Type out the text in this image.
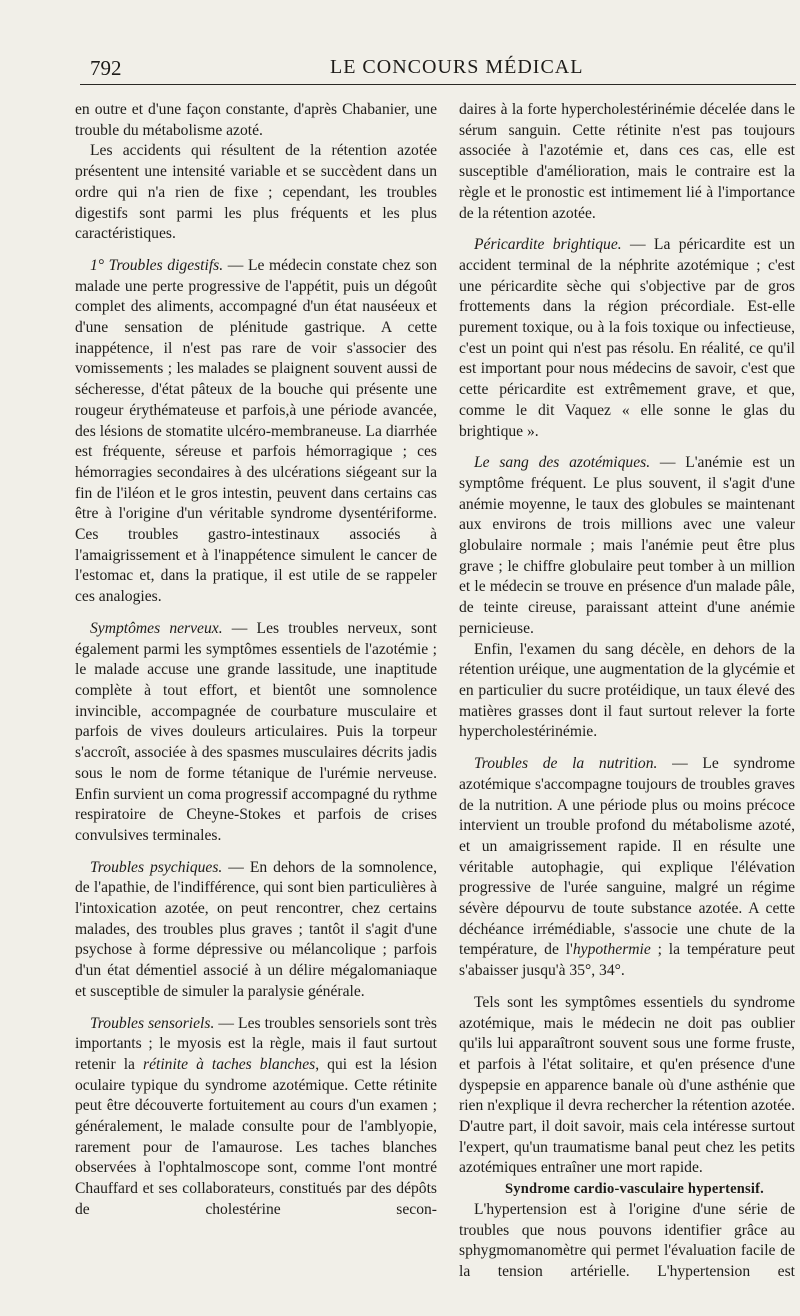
792	LE CONCOURS MÉDICAL

en outre et d'une façon constante, d'après Chabanier, une trouble du métabolisme azoté.

Les accidents qui résultent de la rétention azotée présentent une intensité variable et se succèdent dans un ordre qui n'a rien de fixe ; cependant, les troubles digestifs sont parmi les plus fréquents et les plus caractéristiques.

1° Troubles digestifs. — Le médecin constate chez son malade une perte progressive de l'appétit, puis un dégoût complet des aliments, accompagné d'un état nauséeux et d'une sensation de plénitude gastrique. A cette inappétence, il n'est pas rare de voir s'associer des vomissements ; les malades se plaignent souvent aussi de sécheresse, d'état pâteux de la bouche qui présente une rougeur érythémateuse et parfois,à une période avancée, des lésions de stomatite ulcéro-membraneuse. La diarrhée est fréquente, séreuse et parfois hémorragique ; ces hémorragies secondaires à des ulcérations siégeant sur la fin de l'iléon et le gros intestin, peuvent dans certains cas être à l'origine d'un véritable syndrome dysentériforme. Ces troubles gastro-intestinaux associés à l'amaigrissement et à l'inappétence simulent le cancer de l'estomac et, dans la pratique, il est utile de se rappeler ces analogies.

Symptômes nerveux. — Les troubles nerveux, sont également parmi les symptômes essentiels de l'azotémie ; le malade accuse une grande lassitude, une inaptitude complète à tout effort, et bientôt une somnolence invincible, accompagnée de courbature musculaire et parfois de vives douleurs articulaires. Puis la torpeur s'accroît, associée à des spasmes musculaires décrits jadis sous le nom de forme tétanique de l'urémie nerveuse. Enfin survient un coma progressif accompagné du rythme respiratoire de Cheyne-Stokes et parfois de crises convulsives terminales.

Troubles psychiques. — En dehors de la somnolence, de l'apathie, de l'indifférence, qui sont bien particulières à l'intoxication azotée, on peut rencontrer, chez certains malades, des troubles plus graves ; tantôt il s'agit d'une psychose à forme dépressive ou mélancolique ; parfois d'un état démentiel associé à un délire mégalomaniaque et susceptible de simuler la paralysie générale.

Troubles sensoriels. — Les troubles sensoriels sont très importants ; le myosis est la règle, mais il faut surtout retenir la rétinite à taches blanches, qui est la lésion oculaire typique du syndrome azotémique. Cette rétinite peut être découverte fortuitement au cours d'un examen ; généralement, le malade consulte pour de l'amblyopie, rarement pour de l'amaurose. Les taches blanches observées à l'ophtalmoscope sont, comme l'ont montré Chauffard et ses collaborateurs, constitués par des dépôts de cholestérine secon-

daires à la forte hypercholestérinémie décelée dans le sérum sanguin. Cette rétinite n'est pas toujours associée à l'azotémie et, dans ces cas, elle est susceptible d'amélioration, mais le contraire est la règle et le pronostic est intimement lié à l'importance de la rétention azotée.

Péricardite brightique. — La péricardite est un accident terminal de la néphrite azotémique ; c'est une péricardite sèche qui s'objective par de gros frottements dans la région précordiale. Est-elle purement toxique, ou à la fois toxique ou infectieuse, c'est un point qui n'est pas résolu. En réalité, ce qu'il est important pour nous médecins de savoir, c'est que cette péricardite est extrêmement grave, et que, comme le dit Vaquez « elle sonne le glas du brightique ».

Le sang des azotémiques. — L'anémie est un symptôme fréquent. Le plus souvent, il s'agit d'une anémie moyenne, le taux des globules se maintenant aux environs de trois millions avec une valeur globulaire normale ; mais l'anémie peut être plus grave ; le chiffre globulaire peut tomber à un million et le médecin se trouve en présence d'un malade pâle, de teinte cireuse, paraissant atteint d'une anémie pernicieuse.

Enfin, l'examen du sang décèle, en dehors de la rétention uréique, une augmentation de la glycémie et en particulier du sucre protéidique, un taux élevé des matières grasses dont il faut surtout relever la forte hypercholestérinémie.

Troubles de la nutrition. — Le syndrome azotémique s'accompagne toujours de troubles graves de la nutrition. A une période plus ou moins précoce intervient un trouble profond du métabolisme azoté, et un amaigrissement rapide. Il en résulte une véritable autophagie, qui explique l'élévation progressive de l'urée sanguine, malgré un régime sévère dépourvu de toute substance azotée. A cette déchéance irrémédiable, s'associe une chute de la température, de l'hypothermie ; la température peut s'abaisser jusqu'à 35°, 34°.

Tels sont les symptômes essentiels du syndrome azotémique, mais le médecin ne doit pas oublier qu'ils lui apparaîtront souvent sous une forme fruste, et parfois à l'état solitaire, et qu'en présence d'une dyspepsie en apparence banale où d'une asthénie que rien n'explique il devra rechercher la rétention azotée. D'autre part, il doit savoir, mais cela intéresse surtout l'expert, qu'un traumatisme banal peut chez les petits azotémiques entraîner une mort rapide.

Syndrome cardio-vasculaire hypertensif.

L'hypertension est à l'origine d'une série de troubles que nous pouvons identifier grâce au sphygmomanomètre qui permet l'évaluation facile de la tension artérielle. L'hypertension est
